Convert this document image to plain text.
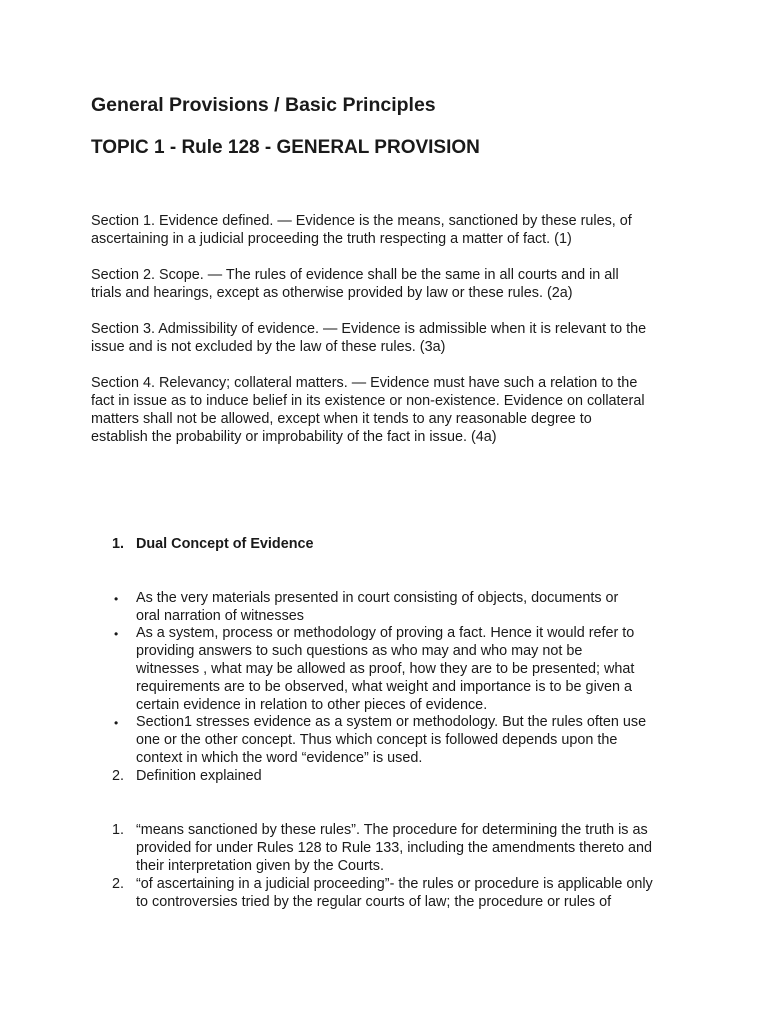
General Provisions / Basic Principles
TOPIC 1 - Rule 128 - GENERAL PROVISION
Section 1. Evidence defined. — Evidence is the means, sanctioned by these rules, of
ascertaining in a judicial proceeding the truth respecting a matter of fact. (1)
Section 2. Scope. — The rules of evidence shall be the same in all courts and in all
trials and hearings, except as otherwise provided by law or these rules. (2a)
Section 3. Admissibility of evidence. — Evidence is admissible when it is relevant to the
issue and is not excluded by the law of these rules. (3a)
Section 4. Relevancy; collateral matters. — Evidence must have such a relation to the
fact in issue as to induce belief in its existence or non-existence. Evidence on collateral
matters shall not be allowed, except when it tends to any reasonable degree to
establish the probability or improbability of the fact in issue. (4a)
1. Dual Concept of Evidence
•	As the very materials presented in court consisting of objects, documents or
oral narration of witnesses
•	As a system, process or methodology of proving a fact. Hence it would refer to
providing answers to such questions as who may and who may not be
witnesses , what may be allowed as proof, how they are to be presented; what
requirements are to be observed, what weight and importance is to be given a
certain evidence in relation to other pieces of evidence.
•	Section1 stresses evidence as a system or methodology. But the rules often use
one or the other concept. Thus which concept is followed depends upon the
context in which the word “evidence” is used.
2. Definition explained
1. “means sanctioned by these rules”. The procedure for determining the truth is as
provided for under Rules 128 to Rule 133, including the amendments thereto and
their interpretation given by the Courts.
2. “of ascertaining in a judicial proceeding”- the rules or procedure is applicable only
to controversies tried by the regular courts of law; the procedure or rules of
